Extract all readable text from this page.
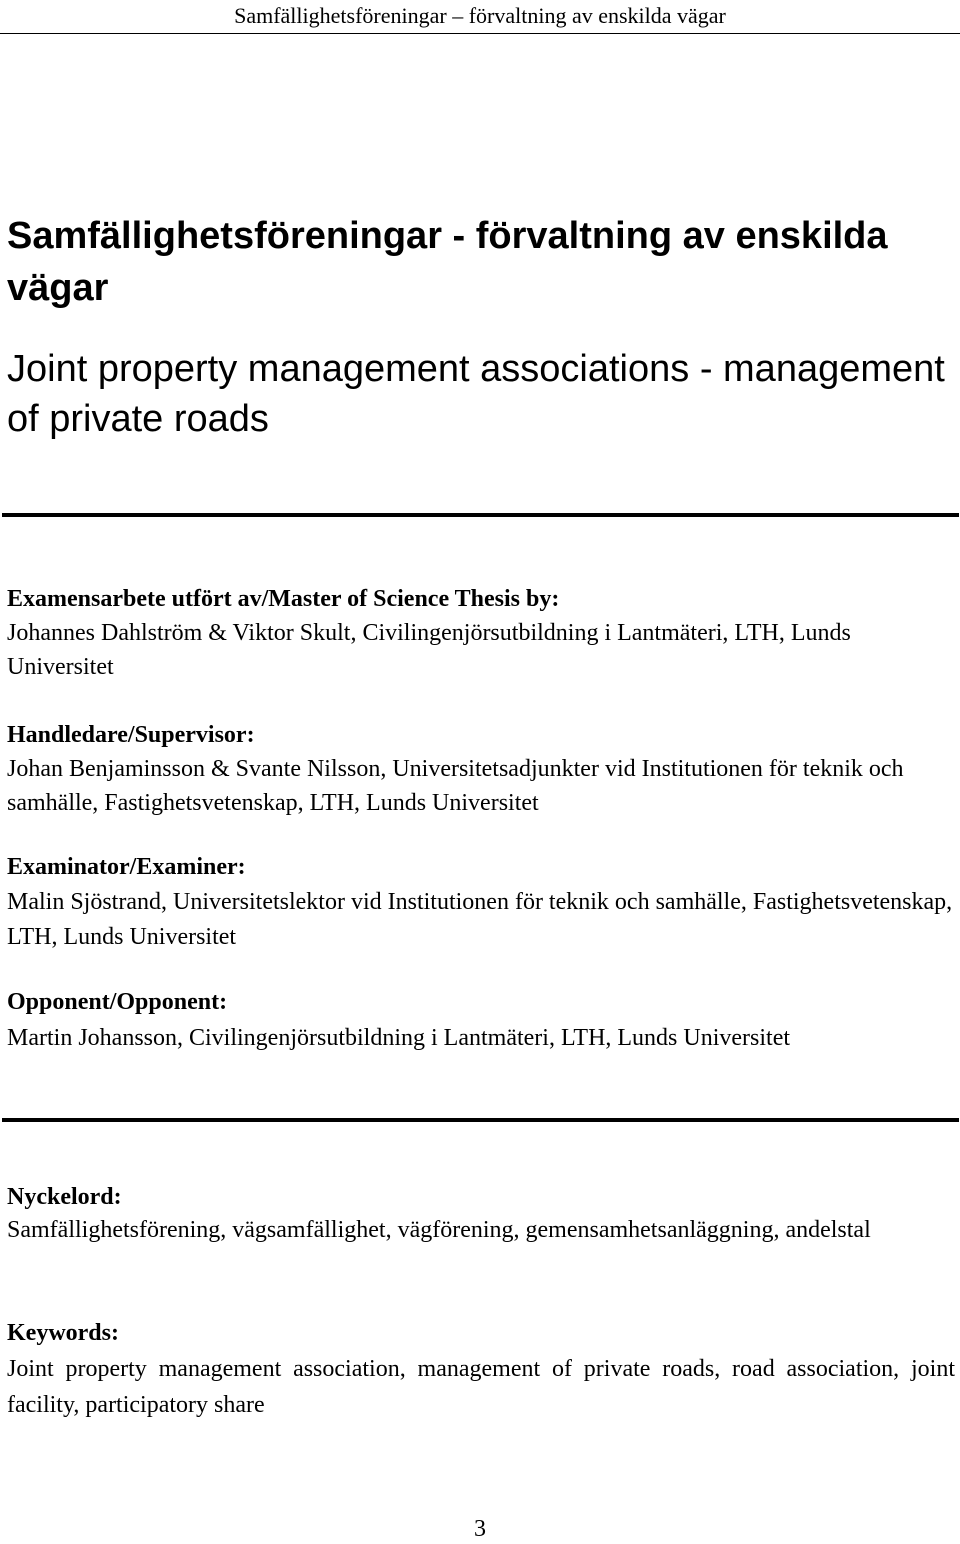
Samfällighetsföreningar – förvaltning av enskilda vägar
Samfällighetsföreningar - förvaltning av enskilda vägar
Joint property management associations - management of private roads
Examensarbete utfört av/Master of Science Thesis by:
Johannes Dahlström & Viktor Skult, Civilingenjörsutbildning i Lantmäteri, LTH, Lunds Universitet
Handledare/Supervisor:
Johan Benjaminsson & Svante Nilsson, Universitetsadjunkter vid Institutionen för teknik och samhälle, Fastighetsvetenskap, LTH, Lunds Universitet
Examinator/Examiner:
Malin Sjöstrand, Universitetslektor vid Institutionen för teknik och samhälle, Fastighetsvetenskap, LTH, Lunds Universitet
Opponent/Opponent:
Martin Johansson, Civilingenjörsutbildning i Lantmäteri, LTH, Lunds Universitet
Nyckelord:
Samfällighetsförening, vägsamfällighet, vägförening, gemensamhetsanläggning, andelstal
Keywords:
Joint property management association, management of private roads, road association, joint facility, participatory share
3
